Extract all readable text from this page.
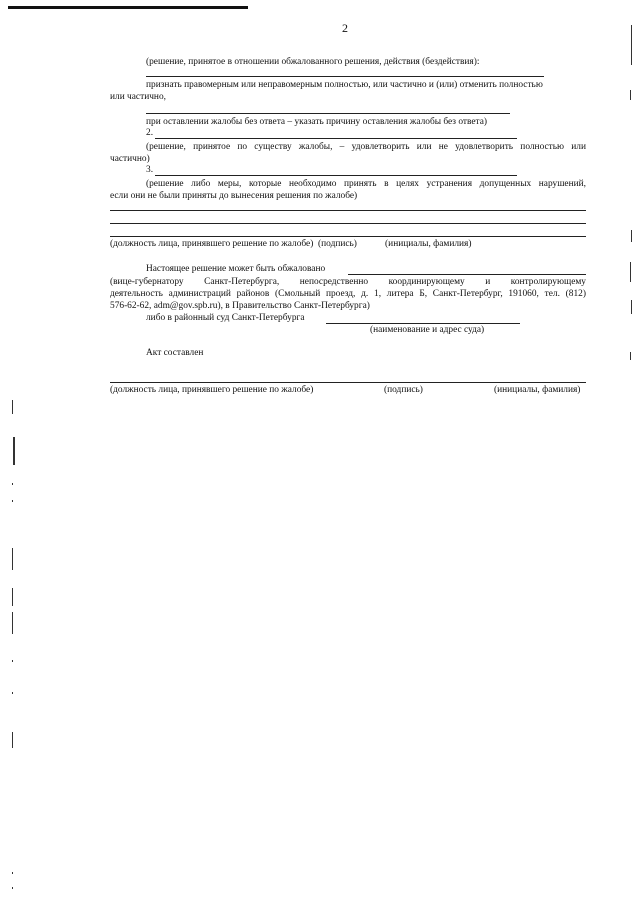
2
(решение, принятое в отношении обжалованного решения, действия (бездействия):
признать правомерным или неправомерным полностью, или частично и (или) отменить полностью
или частично,
при оставлении жалобы без ответа – указать причину оставления жалобы без ответа)
2.
(решение, принятое по существу жалобы, – удовлетворить или не удовлетворить полностью или
частично)
3.
(решение либо меры, которые необходимо принять в целях устранения допущенных нарушений,
если они не были приняты до вынесения решения по жалобе)
(должность лица, принявшего решение по жалобе)  (подпись)            (инициалы, фамилия)
Настоящее решение может быть обжаловано
(вице-губернатору Санкт-Петербурга, непосредственно координирующему и контролирующему
деятельность администраций районов (Смольный проезд, д. 1, литера Б, Санкт-Петербург, 191060, тел. (812)
576-62-62, adm@gov.spb.ru), в Правительство Санкт-Петербурга)
либо в районный суд Санкт-Петербурга
(наименование и адрес суда)
Акт составлен
(должность лица, принявшего решение по жалобе)	(подпись)	(инициалы, фамилия)
